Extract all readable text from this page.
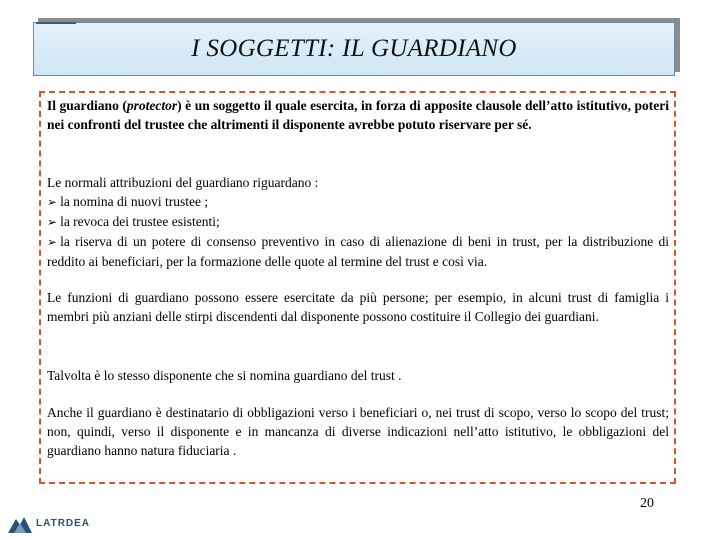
I SOGGETTI: IL GUARDIANO

Il guardiano (protector) è un soggetto il quale esercita, in forza di apposite clausole dell’atto istitutivo, poteri nei confronti del trustee che altrimenti il disponente avrebbe potuto riservare per sé.

Le normali attribuzioni del guardiano riguardano :
➢ la nomina di nuovi trustee ;
➢ la revoca dei trustee esistenti;
➢ la riserva di un potere di consenso preventivo in caso di alienazione di beni in trust, per la distribuzione di reddito ai beneficiari, per la formazione delle quote al termine del trust e così via.

Le funzioni di guardiano possono essere esercitate da più persone; per esempio, in alcuni trust di famiglia i membri più anziani delle stirpi discendenti dal disponente possono costituire il Collegio dei guardiani.

Talvolta è lo stesso disponente che si nomina guardiano del trust .

Anche il guardiano è destinatario di obbligazioni verso i beneficiari o, nei trust di scopo, verso lo scopo del trust; non, quindi, verso il disponente e in mancanza di diverse indicazioni nell’atto istitutivo, le obbligazioni del guardiano hanno natura fiduciaria .

20
LATRDEA
